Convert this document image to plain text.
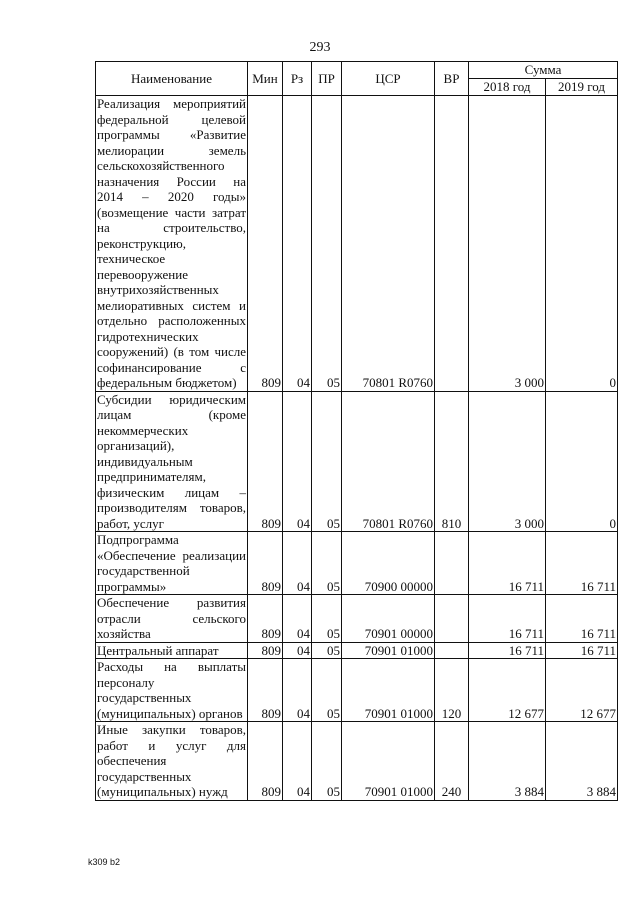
293
Наименование	Мин	Рз	ПР	ЦСР	ВР	Сумма	
						2018 год	2019 год
Реализация мероприятий федеральной целевой программы «Развитие мелиорации земель сельскохозяйственного назначения России на 2014 – 2020 годы» (возмещение части затрат на строительство, реконструкцию, техническое перевооружение внутрихозяйственных мелиоративных систем и отдельно расположенных гидротехнических сооружений) (в том числе софинансирование с федеральным бюджетом)	809	04	05	70801 R0760		3 000	0
Субсидии юридическим лицам (кроме некоммерческих организаций), индивидуальным предпринимателям, физическим лицам – производителям товаров, работ, услуг	809	04	05	70801 R0760	810	3 000	0
Подпрограмма «Обеспечение реализации государственной программы»	809	04	05	70900 00000		16 711	16 711
Обеспечение развития отрасли сельского хозяйства	809	04	05	70901 00000		16 711	16 711
Центральный аппарат	809	04	05	70901 01000		16 711	16 711
Расходы на выплаты персоналу государственных (муниципальных) органов	809	04	05	70901 01000	120	12 677	12 677
Иные закупки товаров, работ и услуг для обеспечения государственных (муниципальных) нужд	809	04	05	70901 01000	240	3 884	3 884
k309 b2
